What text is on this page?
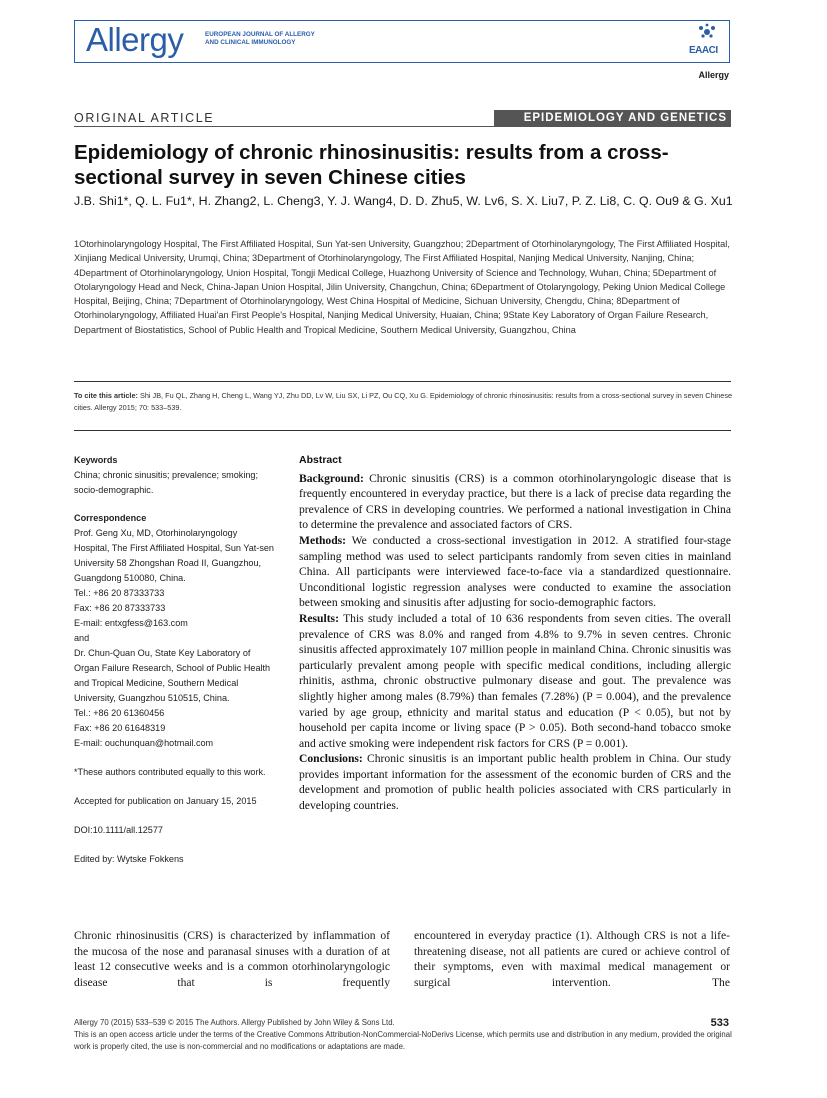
Allergy	EUROPEAN JOURNAL OF ALLERGY
AND CLINICAL IMMUNOLOGY
EAACI
Allergy
ORIGINAL ARTICLE	EPIDEMIOLOGY AND GENETICS
Epidemiology of chronic rhinosinusitis: results from a cross-sectional survey in seven Chinese cities
J.B. Shi1*, Q. L. Fu1*, H. Zhang2, L. Cheng3, Y. J. Wang4, D. D. Zhu5, W. Lv6, S. X. Liu7, P. Z. Li8, C. Q. Ou9 & G. Xu1
1Otorhinolaryngology Hospital, The First Affiliated Hospital, Sun Yat-sen University, Guangzhou; 2Department of Otorhinolaryngology, The First Affiliated Hospital, Xinjiang Medical University, Urumqi, China; 3Department of Otorhinolaryngology, The First Affiliated Hospital, Nanjing Medical University, Nanjing, China; 4Department of Otorhinolaryngology, Union Hospital, Tongji Medical College, Huazhong University of Science and Technology, Wuhan, China; 5Department of Otolaryngology Head and Neck, China-Japan Union Hospital, Jilin University, Changchun, China; 6Department of Otolaryngology, Peking Union Medical College Hospital, Beijing, China; 7Department of Otorhinolaryngology, West China Hospital of Medicine, Sichuan University, Chengdu, China; 8Department of Otorhinolaryngology, Affiliated Huai'an First People's Hospital, Nanjing Medical University, Huaian, China; 9State Key Laboratory of Organ Failure Research, Department of Biostatistics, School of Public Health and Tropical Medicine, Southern Medical University, Guangzhou, China
To cite this article: Shi JB, Fu QL, Zhang H, Cheng L, Wang YJ, Zhu DD, Lv W, Liu SX, Li PZ, Ou CQ, Xu G. Epidemiology of chronic rhinosinusitis: results from a cross-sectional survey in seven Chinese cities. Allergy 2015; 70: 533–539.
Keywords

China; chronic sinusitis; prevalence; smoking; socio-demographic.

Correspondence

Prof. Geng Xu, MD, Otorhinolaryngology Hospital, The First Affiliated Hospital, Sun Yat-sen University 58 Zhongshan Road II, Guangzhou, Guangdong 510080, China.

Tel.: +86 20 87333733

Fax: +86 20 87333733

E-mail: entxgfess@163.com

and

Dr. Chun-Quan Ou, State Key Laboratory of Organ Failure Research, School of Public Health and Tropical Medicine, Southern Medical University, Guangzhou 510515, China.

Tel.: +86 20 61360456

Fax: +86 20 61648319

E-mail: ouchunquan@hotmail.com

*These authors contributed equally to this work.

Accepted for publication on January 15, 2015

DOI:10.1111/all.12577

Edited by: Wytske Fokkens

Abstract

Background: Chronic sinusitis (CRS) is a common otorhinolaryngologic disease that is frequently encountered in everyday practice, but there is a lack of precise data regarding the prevalence of CRS in developing countries. We performed a national investigation in China to determine the prevalence and associated factors of CRS.

Methods: We conducted a cross-sectional investigation in 2012. A stratified four-stage sampling method was used to select participants randomly from seven cities in mainland China. All participants were interviewed face-to-face via a standardized questionnaire. Unconditional logistic regression analyses were conducted to examine the association between smoking and sinusitis after adjusting for socio-demographic factors.

Results: This study included a total of 10 636 respondents from seven cities. The overall prevalence of CRS was 8.0% and ranged from 4.8% to 9.7% in seven centres. Chronic sinusitis affected approximately 107 million people in mainland China. Chronic sinusitis was particularly prevalent among people with specific medical conditions, including allergic rhinitis, asthma, chronic obstructive pulmonary disease and gout. The prevalence was slightly higher among males (8.79%) than females (7.28%) (P = 0.004), and the prevalence varied by age group, ethnicity and marital status and education (P < 0.05), but not by household per capita income or living space (P > 0.05). Both second-hand tobacco smoke and active smoking were independent risk factors for CRS (P = 0.001).

Conclusions: Chronic sinusitis is an important public health problem in China. Our study provides important information for the assessment of the economic burden of CRS and the development and promotion of public health policies associated with CRS particularly in developing countries.

Chronic rhinosinusitis (CRS) is characterized by inflammation of the mucosa of the nose and paranasal sinuses with a duration of at least 12 consecutive weeks and is a common otorhinolaryngologic disease that is frequently
encountered in everyday practice (1). Although CRS is not a life-threatening disease, not all patients are cured or achieve control of their symptoms, even with maximal medical management or surgical intervention. The
Allergy 70 (2015) 533–539 © 2015 The Authors. Allergy Published by John Wiley & Sons Ltd.
This is an open access article under the terms of the Creative Commons Attribution-NonCommercial-NoDerivs License, which permits use and distribution in any medium, provided the original work is properly cited, the use is non-commercial and no modifications or adaptations are made.
533
